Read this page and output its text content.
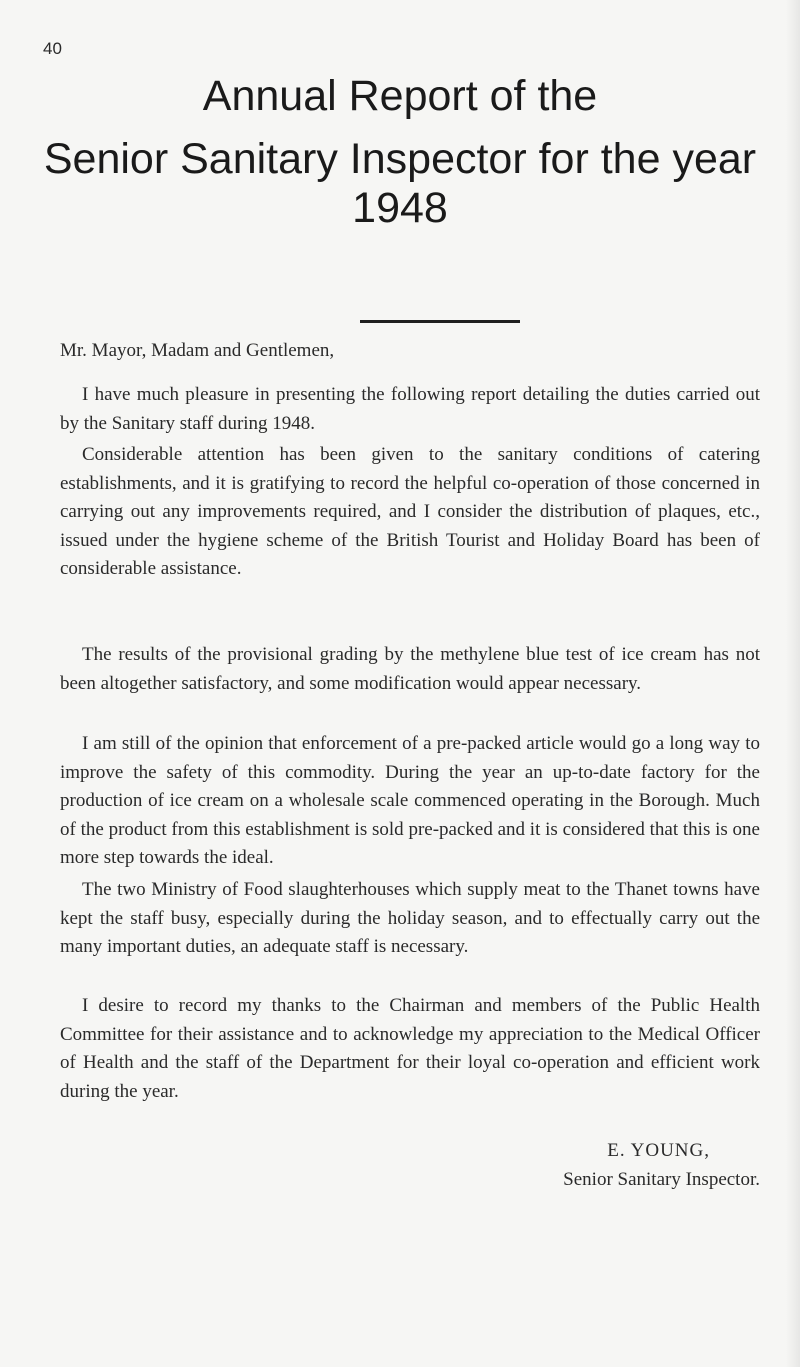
40
Annual Report of the
Senior Sanitary Inspector for the year 1948

Mr. Mayor, Madam and Gentlemen,

I have much pleasure in presenting the following report detailing the duties carried out by the Sanitary staff during 1948.

Considerable attention has been given to the sanitary conditions of catering establishments, and it is gratifying to record the helpful co-operation of those concerned in carrying out any improvements required, and I consider the distribution of plaques, etc., issued under the hygiene scheme of the British Tourist and Holiday Board has been of considerable assistance.

The results of the provisional grading by the methylene blue test of ice cream has not been altogether satisfactory, and some modification would appear necessary.

I am still of the opinion that enforcement of a pre-packed article would go a long way to improve the safety of this commodity. During the year an up-to-date factory for the production of ice cream on a wholesale scale commenced operating in the Borough. Much of the product from this establishment is sold pre-packed and it is considered that this is one more step towards the ideal.

The two Ministry of Food slaughterhouses which supply meat to the Thanet towns have kept the staff busy, especially during the holiday season, and to effectually carry out the many important duties, an adequate staff is necessary.

I desire to record my thanks to the Chairman and members of the Public Health Committee for their assistance and to acknowledge my appreciation to the Medical Officer of Health and the staff of the Department for their loyal co-operation and efficient work during the year.

E. YOUNG,
Senior Sanitary Inspector.
